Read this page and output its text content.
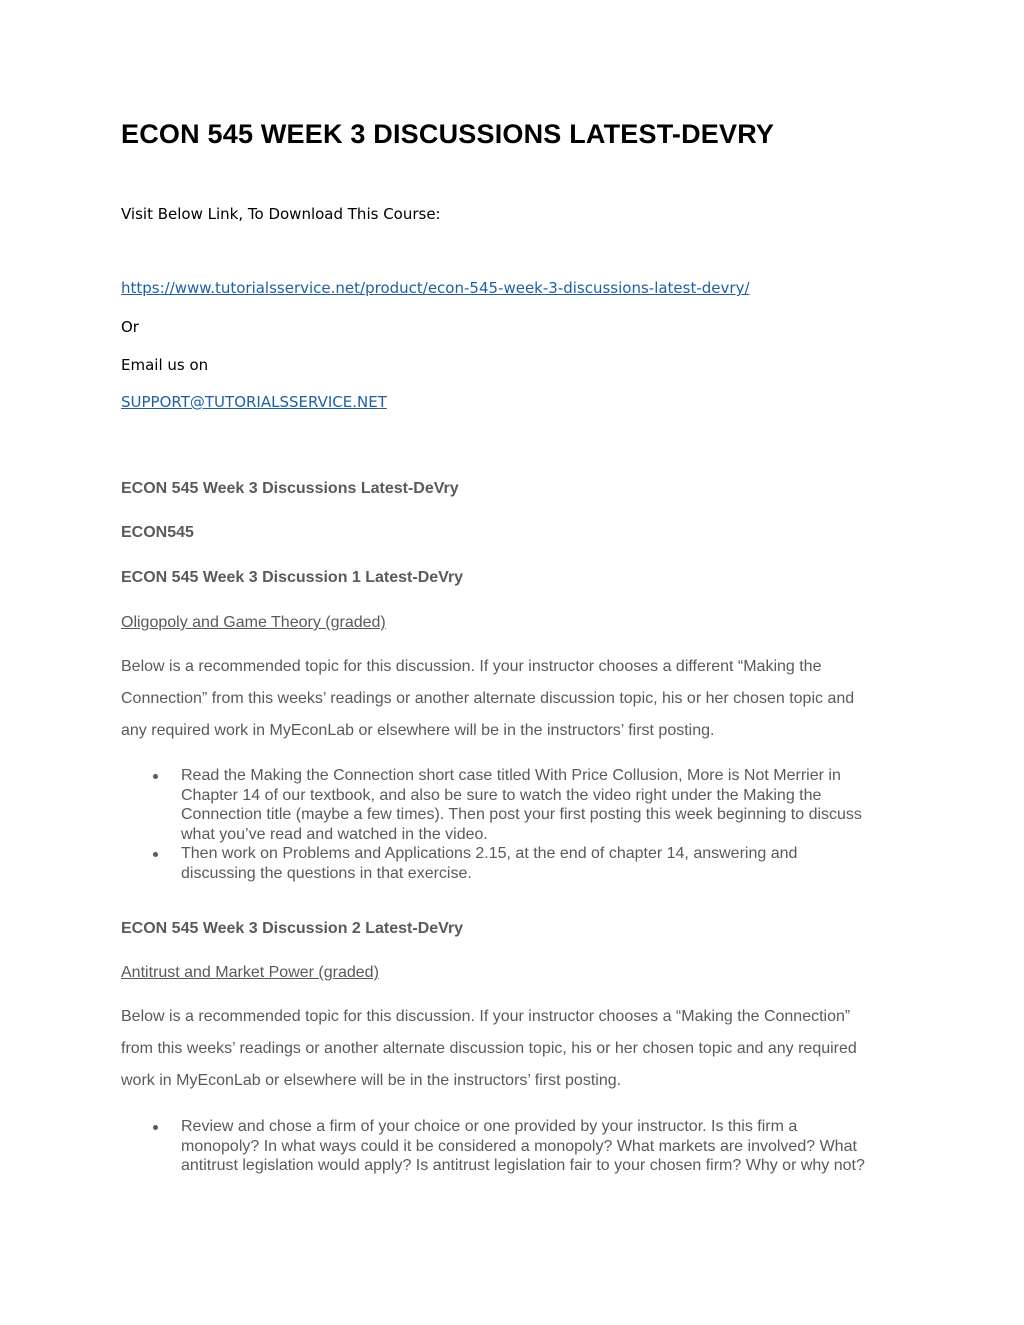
ECON 545 WEEK 3 DISCUSSIONS LATEST-DEVRY

Visit Below Link, To Download This Course:

https://www.tutorialsservice.net/product/econ-545-week-3-discussions-latest-devry/

Or

Email us on

SUPPORT@TUTORIALSSERVICE.NET

ECON 545 Week 3 Discussions Latest-DeVry

ECON545

ECON 545 Week 3 Discussion 1 Latest-DeVry

Oligopoly and Game Theory (graded)

Below is a recommended topic for this discussion. If your instructor chooses a different “Making the
Connection” from this weeks’ readings or another alternate discussion topic, his or her chosen topic and
any required work in MyEconLab or elsewhere will be in the instructors’ first posting.
Read the Making the Connection short case titled With Price Collusion, More is Not Merrier in
Chapter 14 of our textbook, and also be sure to watch the video right under the Making the
Connection title (maybe a few times). Then post your first posting this week beginning to discuss
what you’ve read and watched in the video.
Then work on Problems and Applications 2.15, at the end of chapter 14, answering and
discussing the questions in that exercise.

ECON 545 Week 3 Discussion 2 Latest-DeVry

Antitrust and Market Power (graded)

Below is a recommended topic for this discussion. If your instructor chooses a “Making the Connection”
from this weeks’ readings or another alternate discussion topic, his or her chosen topic and any required
work in MyEconLab or elsewhere will be in the instructors’ first posting.
Review and chose a firm of your choice or one provided by your instructor. Is this firm a
monopoly? In what ways could it be considered a monopoly? What markets are involved? What
antitrust legislation would apply? Is antitrust legislation fair to your chosen firm? Why or why not?
